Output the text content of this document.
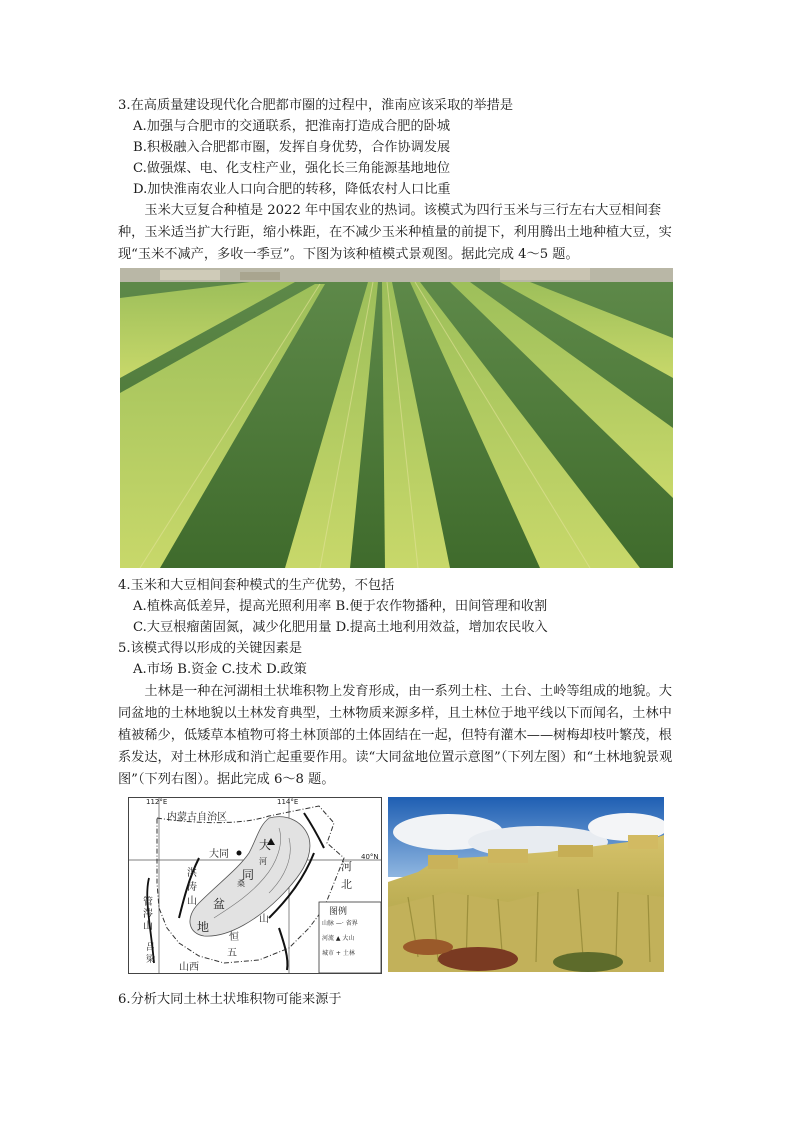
3.在高质量建设现代化合肥都市圈的过程中，淮南应该采取的举措是
A.加强与合肥市的交通联系，把淮南打造成合肥的卧城
B.积极融入合肥都市圈，发挥自身优势，合作协调发展
C.做强煤、电、化支柱产业，强化长三角能源基地地位
D.加快淮南农业人口向合肥的转移，降低农村人口比重
玉米大豆复合种植是 2022 年中国农业的热词。该模式为四行玉米与三行左右大豆相间套种，玉米适当扩大行距，缩小株距，在不减少玉米种植量的前提下，利用腾出土地种植大豆，实现“玉米不减产，多收一季豆”。下图为该种植模式景观图。据此完成 4～5 题。
4.玉米和大豆相间套种模式的生产优势，不包括
A.植株高低差异，提高光照利用率 B.便于农作物播种，田间管理和收割
C.大豆根瘤菌固氮，减少化肥用量 D.提高土地利用效益，增加农民收入
5.该模式得以形成的关键因素是
A.市场 B.资金 C.技术 D.政策
土林是一种在河湖相土状堆积物上发育形成，由一系列土柱、土台、土岭等组成的地貌。大同盆地的土林地貌以土林发育典型，土林物质来源多样，且土林位于地平线以下而闻名，土林中植被稀少，低矮草本植物可将土林顶部的土体固结在一起，但特有灌木——树梅却枝叶繁茂，根系发达，对土林形成和消亡起重要作用。读“大同盆地位置示意图”（下列左图）和“土林地貌景观图”（下列右图）。据此完成 6～8 题。
112°E	114°E
40°N
内蒙古自治区
大同
大
同
河
桑
洪
涛
山 盆
地
管
涔
山
吕
梁
恒
山
五
山西
河
北
图例
山脉 —· 省界
河流 ▲ 大山
城市 + 土林
6.分析大同土林土状堆积物可能来源于
